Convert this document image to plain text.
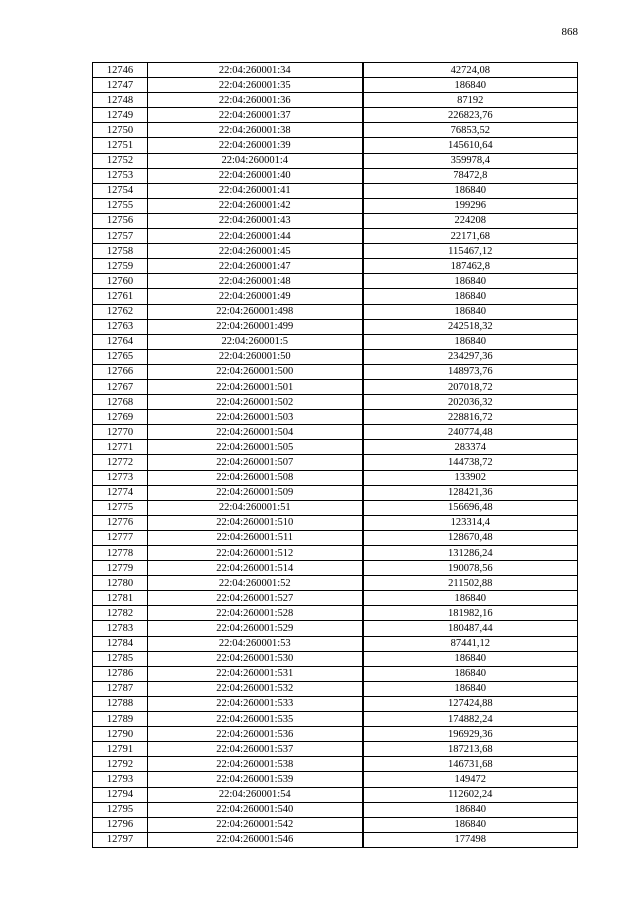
868
12746	22:04:260001:34	42724,08
12747	22:04:260001:35	186840
12748	22:04:260001:36	87192
12749	22:04:260001:37	226823,76
12750	22:04:260001:38	76853,52
12751	22:04:260001:39	145610,64
12752	22:04:260001:4	359978,4
12753	22:04:260001:40	78472,8
12754	22:04:260001:41	186840
12755	22:04:260001:42	199296
12756	22:04:260001:43	224208
12757	22:04:260001:44	22171,68
12758	22:04:260001:45	115467,12
12759	22:04:260001:47	187462,8
12760	22:04:260001:48	186840
12761	22:04:260001:49	186840
12762	22:04:260001:498	186840
12763	22:04:260001:499	242518,32
12764	22:04:260001:5	186840
12765	22:04:260001:50	234297,36
12766	22:04:260001:500	148973,76
12767	22:04:260001:501	207018,72
12768	22:04:260001:502	202036,32
12769	22:04:260001:503	228816,72
12770	22:04:260001:504	240774,48
12771	22:04:260001:505	283374
12772	22:04:260001:507	144738,72
12773	22:04:260001:508	133902
12774	22:04:260001:509	128421,36
12775	22:04:260001:51	156696,48
12776	22:04:260001:510	123314,4
12777	22:04:260001:511	128670,48
12778	22:04:260001:512	131286,24
12779	22:04:260001:514	190078,56
12780	22:04:260001:52	211502,88
12781	22:04:260001:527	186840
12782	22:04:260001:528	181982,16
12783	22:04:260001:529	180487,44
12784	22:04:260001:53	87441,12
12785	22:04:260001:530	186840
12786	22:04:260001:531	186840
12787	22:04:260001:532	186840
12788	22:04:260001:533	127424,88
12789	22:04:260001:535	174882,24
12790	22:04:260001:536	196929,36
12791	22:04:260001:537	187213,68
12792	22:04:260001:538	146731,68
12793	22:04:260001:539	149472
12794	22:04:260001:54	112602,24
12795	22:04:260001:540	186840
12796	22:04:260001:542	186840
12797	22:04:260001:546	177498
